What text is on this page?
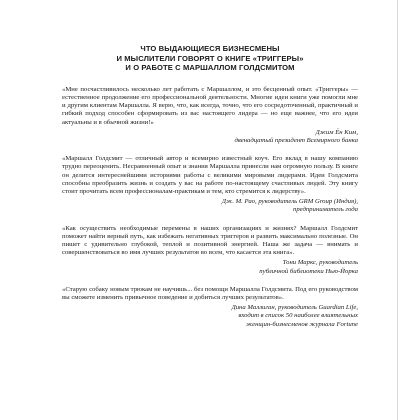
ЧТО ВЫДАЮЩИЕСЯ БИЗНЕСМЕНЫ
И МЫСЛИТЕЛИ ГОВОРЯТ О КНИГЕ «ТРИГГЕРЫ»
И О РАБОТЕ С МАРШАЛЛОМ ГОЛДСМИТОМ

«Мне посчастливилось несколько лет работать с Маршаллом, и это бесценный опыт. «Триггеры» — естественное продолжение его профессиональной деятельности. Многие идеи книги уже помогли мне и другим клиентам Маршалла. Я верю, что, как всегда, точно, что его сосредоточенный, практичный и гибкий подход способен сформировать из вас настоящего лидера — но еще важнее, что его идеи актуальны и в обычной жизни!»

Джим Ён Ким,
двенадцатый президент Всемирного банка

«Маршалл Голдсмит — отличный автор и всемирно известный коуч. Его вклад в нашу компанию трудно переоценить. Несравненный опыт и знания Маршалла принесли нам огромную пользу. В книге он делится интереснейшими историями работы с великими мировыми лидерами. Идеи Голдсмита способны преобразить жизнь и создать у вас на работе по-настоящему счастливых людей. Эту книгу стоит прочитать всем профессионалам-практикам и тем, кто стремится к лидерству».

Дж. М. Рао, руководитель GRM Group (Индия),
предприниматель года

«Как осуществить необходимые перемены в наших организациях и жизнях? Маршалл Голдсмит поможет найти верный путь, как избежать негативных триггеров и развить максимально полезные. Он пишет с удивительно глубокой, теплой и позитивной энергией. Наша же задача — внимать и совершенствоваться во имя лучших результатов во всем, что касается эта книга».

Тони Маркс, руководитель
публичной библиотеки Нью-Йорка

«Старую собаку новым трюкам не научишь... без помощи Маршалла Голдсмита. Под его руководством вы сможете изменить привычное поведение и добиться лучших результатов».

Дина Маллиган, руководитель Guardian Life,
входит в список 50 наиболее влиятельных
женщин-бизнесменов журнала Fortune
